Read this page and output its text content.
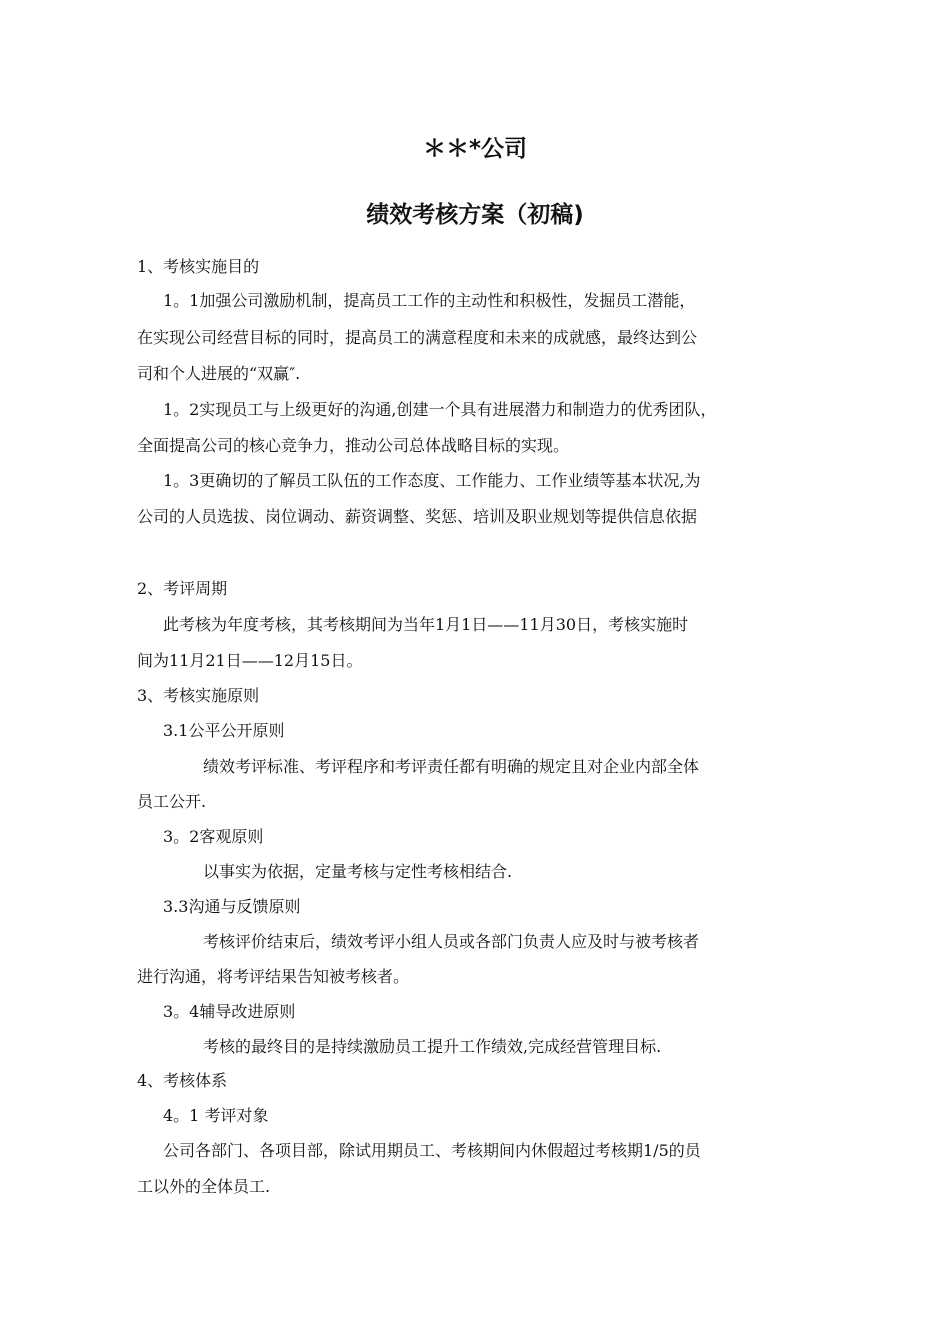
＊＊*公司
绩效考核方案（初稿)
1、考核实施目的
1。1加强公司激励机制，提高员工工作的主动性和积极性，发掘员工潜能，
在实现公司经营目标的同时，提高员工的满意程度和未来的成就感，最终达到公
司和个人进展的“双赢″.
1。2实现员工与上级更好的沟通,创建一个具有进展潜力和制造力的优秀团队，
全面提高公司的核心竞争力，推动公司总体战略目标的实现。
1。3更确切的了解员工队伍的工作态度、工作能力、工作业绩等基本状况,为
公司的人员选拔、岗位调动、薪资调整、奖惩、培训及职业规划等提供信息依据
2、考评周期
此考核为年度考核，其考核期间为当年1月1日——11月30日，考核实施时
间为11月21日——12月15日。
3、考核实施原则
3.1公平公开原则
绩效考评标准、考评程序和考评责任都有明确的规定且对企业内部全体
员工公开.
3。2客观原则
以事实为依据，定量考核与定性考核相结合.
3.3沟通与反馈原则
考核评价结束后，绩效考评小组人员或各部门负责人应及时与被考核者
进行沟通，将考评结果告知被考核者。
3。4辅导改进原则
考核的最终目的是持续激励员工提升工作绩效,完成经营管理目标.
4、考核体系
4。1 考评对象
公司各部门、各项目部，除试用期员工、考核期间内休假超过考核期1/5的员
工以外的全体员工.
